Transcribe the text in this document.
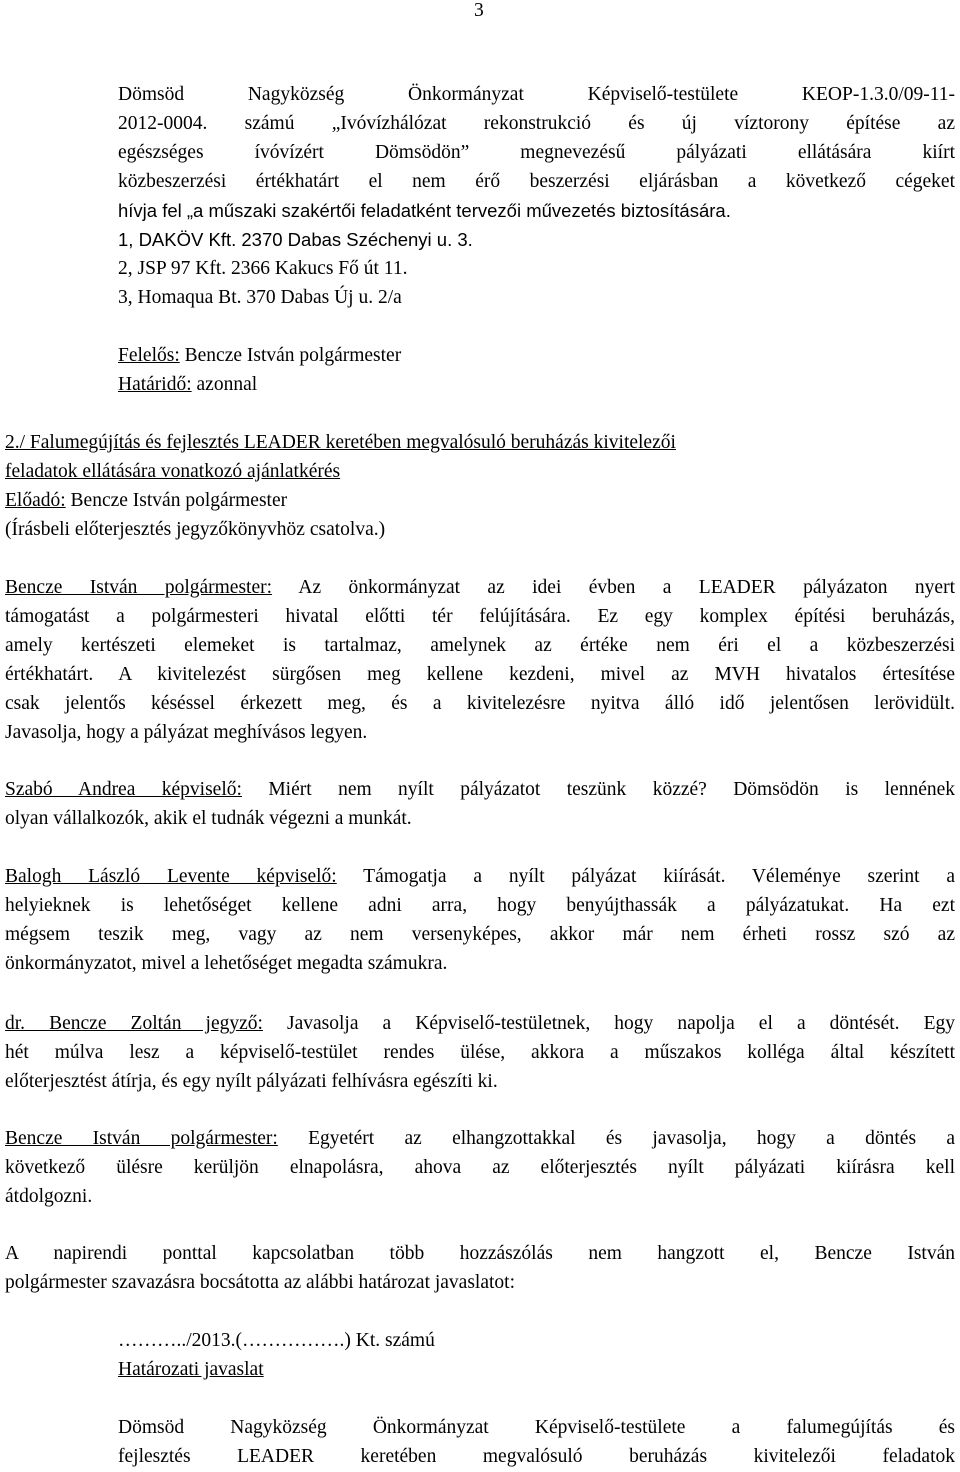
3
Dömsöd Nagyközség Önkormányzat Képviselő-testülete KEOP-1.3.0/09-11-
2012-0004. számú „Ivóvízhálózat rekonstrukció és új víztorony építése az
egészséges ívóvízért Dömsödön” megnevezésű pályázati ellátására kiírt
közbeszerzési értékhatárt el nem érő beszerzési eljárásban a következő cégeket
hívja fel „a műszaki szakértői feladatként tervezői művezetés biztosítására.
1, DAKÖV Kft. 2370 Dabas Széchenyi u. 3.
2, JSP 97 Kft. 2366 Kakucs Fő út 11.
3, Homaqua Bt. 370 Dabas Új u. 2/a
Felelős: Bencze István polgármester
Határidő: azonnal
2./ Falumegújítás és fejlesztés LEADER keretében megvalósuló beruházás kivitelezői
feladatok ellátására vonatkozó ajánlatkérés
Előadó: Bencze István polgármester
(Írásbeli előterjesztés jegyzőkönyvhöz csatolva.)
Bencze István polgármester: Az önkormányzat az idei évben a LEADER pályázaton nyert
támogatást a polgármesteri hivatal előtti tér felújítására. Ez egy komplex építési beruházás,
amely kertészeti elemeket is tartalmaz, amelynek az értéke nem éri el a közbeszerzési
értékhatárt. A kivitelezést sürgősen meg kellene kezdeni, mivel az MVH hivatalos értesítése
csak jelentős késéssel érkezett meg, és a kivitelezésre nyitva álló idő jelentősen lerövidült.
Javasolja, hogy a pályázat meghívásos legyen.
Szabó Andrea képviselő: Miért nem nyílt pályázatot teszünk közzé? Dömsödön is lennének
olyan vállalkozók, akik el tudnák végezni a munkát.
Balogh László Levente képviselő: Támogatja a nyílt pályázat kiírását. Véleménye szerint a
helyieknek is lehetőséget kellene adni arra, hogy benyújthassák a pályázatukat. Ha ezt
mégsem teszik meg, vagy az nem versenyképes, akkor már nem érheti rossz szó az
önkormányzatot, mivel a lehetőséget megadta számukra.
dr. Bencze Zoltán jegyző: Javasolja a Képviselő-testületnek, hogy napolja el a döntését. Egy
hét múlva lesz a képviselő-testület rendes ülése, akkora a műszakos kolléga által készített
előterjesztést átírja, és egy nyílt pályázati felhívásra egészíti ki.
Bencze István polgármester: Egyetért az elhangzottakkal és javasolja, hogy a döntés a
következő ülésre kerüljön elnapolásra, ahova az előterjesztés nyílt pályázati kiírásra kell
átdolgozni.
A napirendi ponttal kapcsolatban több hozzászólás nem hangzott el, Bencze István
polgármester szavazásra bocsátotta az alábbi határozat javaslatot:
………../2013.(…………….) Kt. számú
Határozati javaslat
Dömsöd Nagyközség Önkormányzat Képviselő-testülete a falumegújítás és
fejlesztés LEADER keretében megvalósuló beruházás kivitelezői feladatok
